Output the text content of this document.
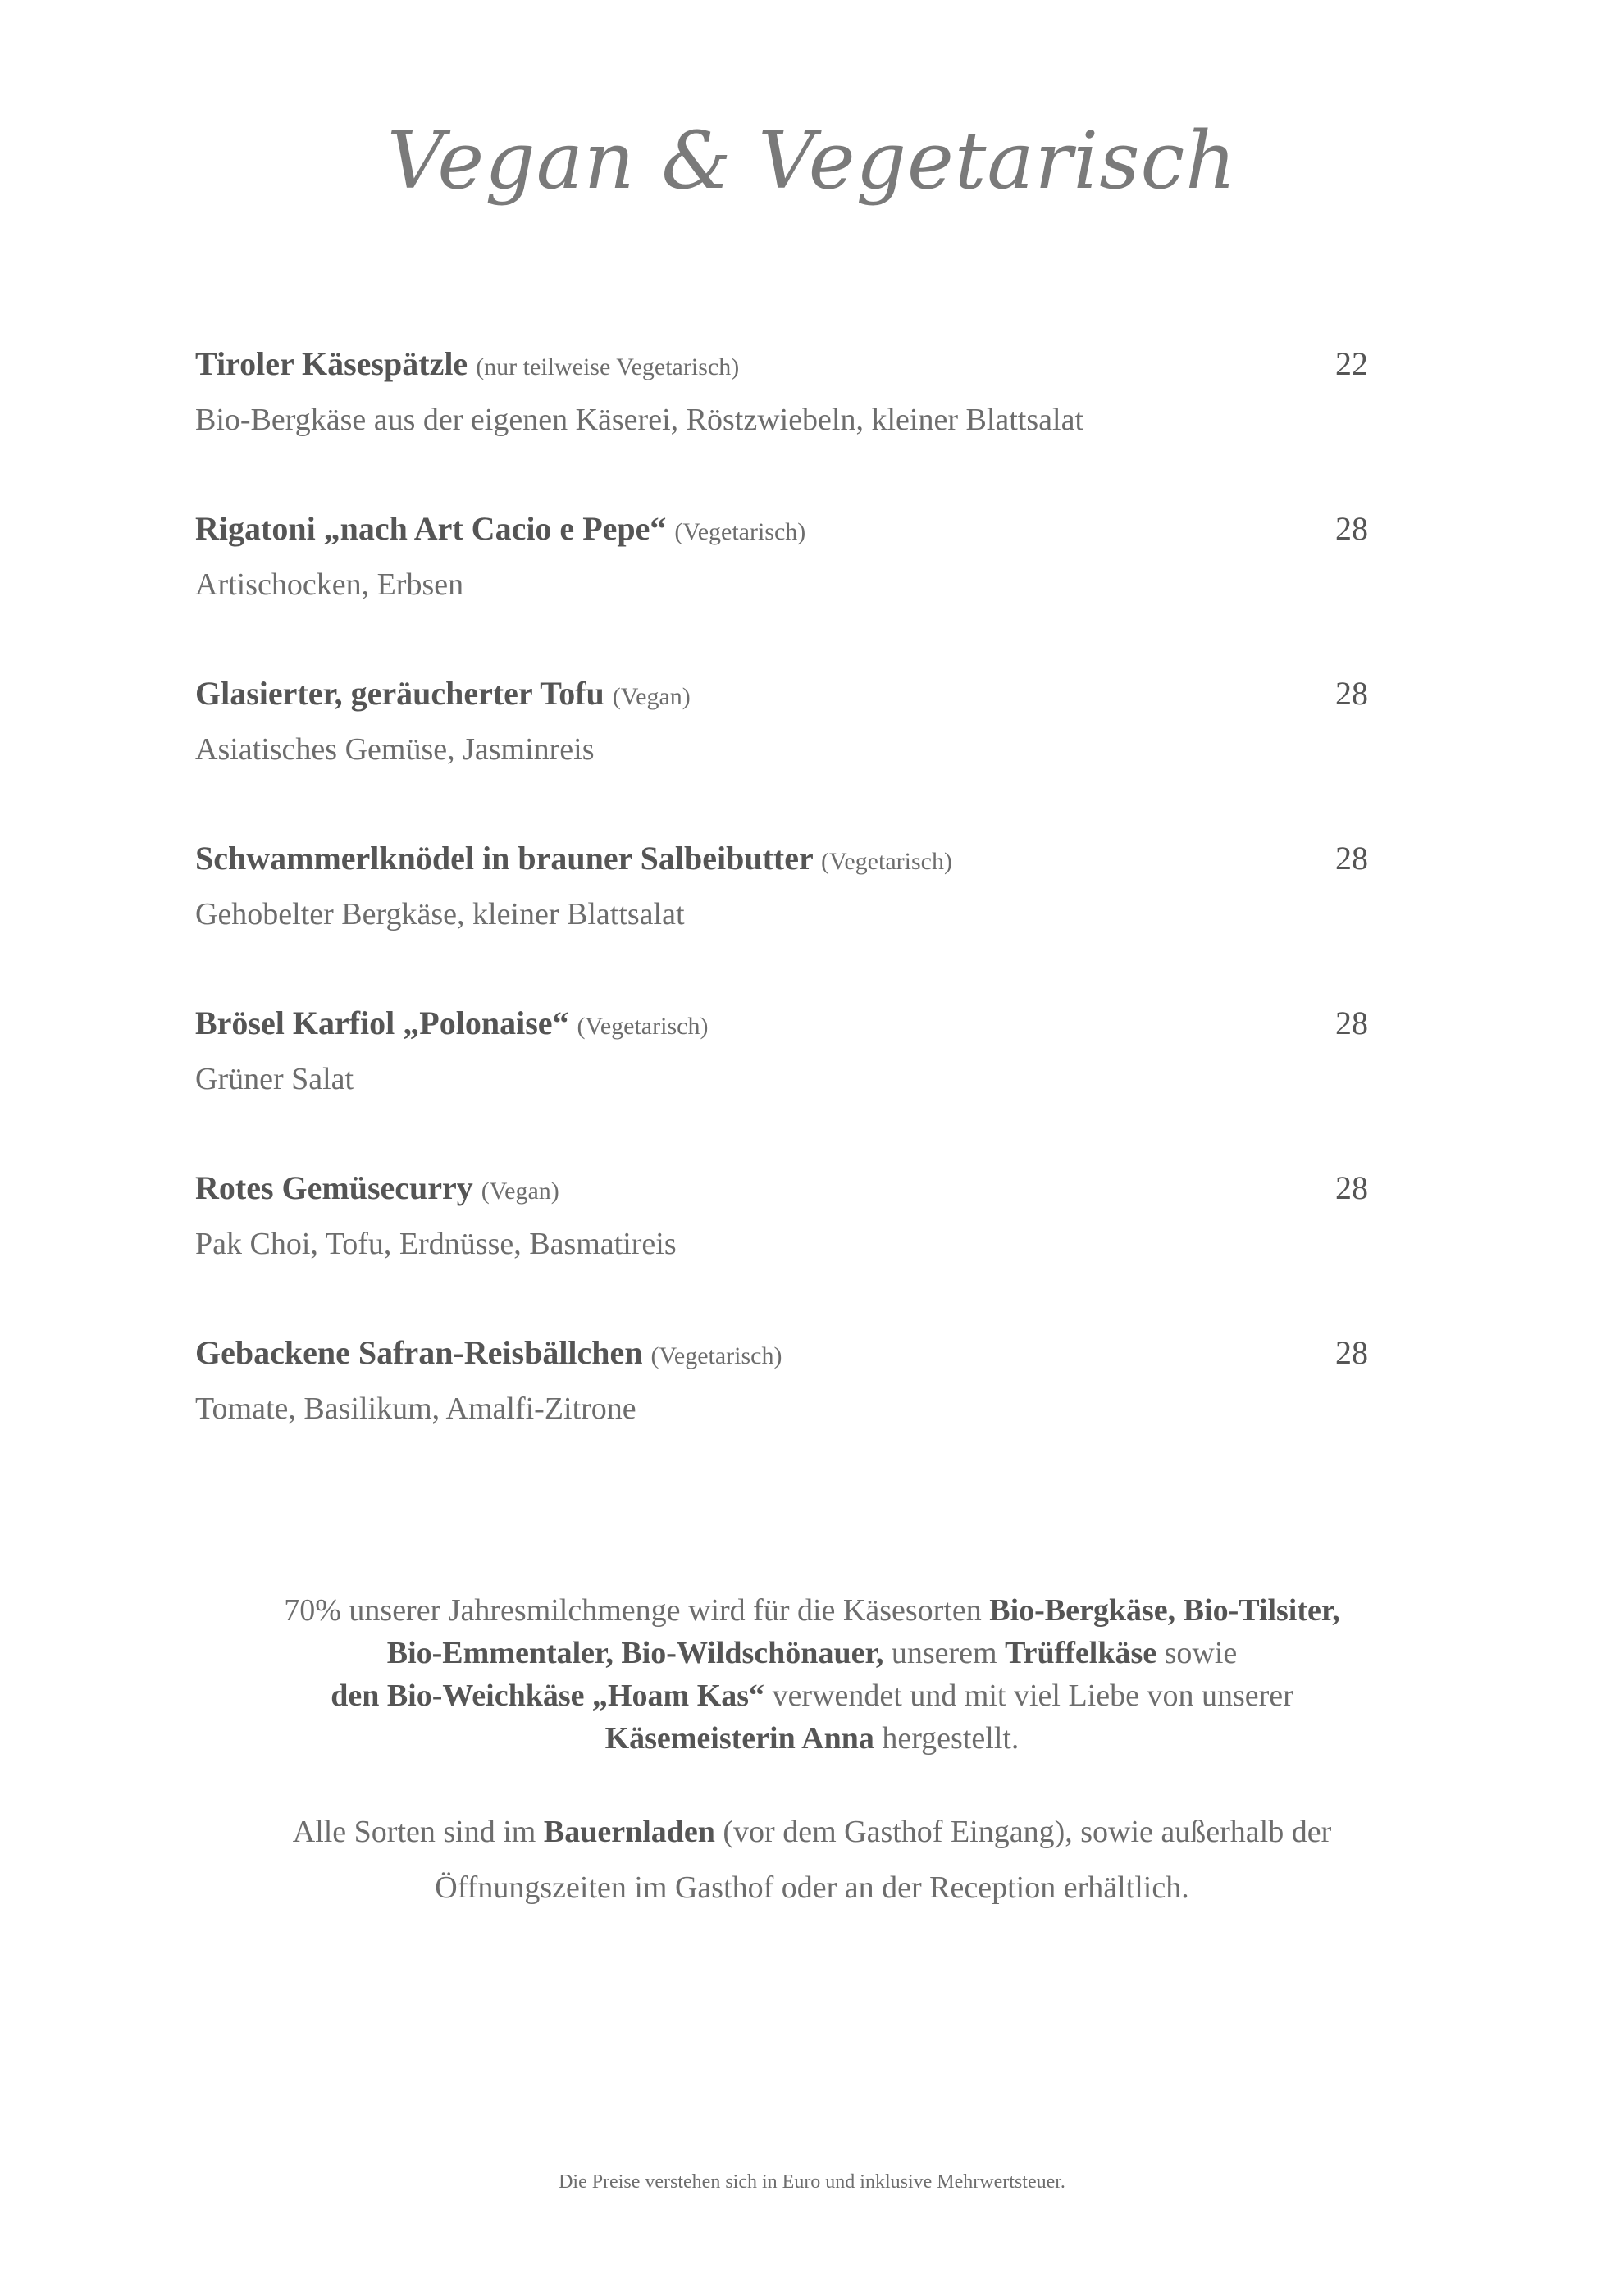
Vegan & Vegetarisch
Tiroler Käsespätzle (nur teilweise Vegetarisch)	22
Bio-Bergkäse aus der eigenen Käserei, Röstzwiebeln, kleiner Blattsalat
Rigatoni „nach Art Cacio e Pepe“ (Vegetarisch)	28
Artischocken, Erbsen
Glasierter, geräucherter Tofu (Vegan)	28
Asiatisches Gemüse, Jasminreis
Schwammerlknödel in brauner Salbeibutter (Vegetarisch)	28
Gehobelter Bergkäse, kleiner Blattsalat
Brösel Karfiol „Polonaise“ (Vegetarisch)	28
Grüner Salat
Rotes Gemüsecurry (Vegan)	28
Pak Choi, Tofu, Erdnüsse, Basmatireis
Gebackene Safran-Reisbällchen (Vegetarisch)	28
Tomate, Basilikum, Amalfi-Zitrone
70% unserer Jahresmilchmenge wird für die Käsesorten Bio-Bergkäse, Bio-Tilsiter,
Bio-Emmentaler, Bio-Wildschönauer, unserem Trüffelkäse sowie
den Bio-Weichkäse „Hoam Kas“ verwendet und mit viel Liebe von unserer
Käsemeisterin Anna hergestellt.
Alle Sorten sind im Bauernladen (vor dem Gasthof Eingang), sowie außerhalb der
Öffnungszeiten im Gasthof oder an der Reception erhältlich.
Die Preise verstehen sich in Euro und inklusive Mehrwertsteuer.
